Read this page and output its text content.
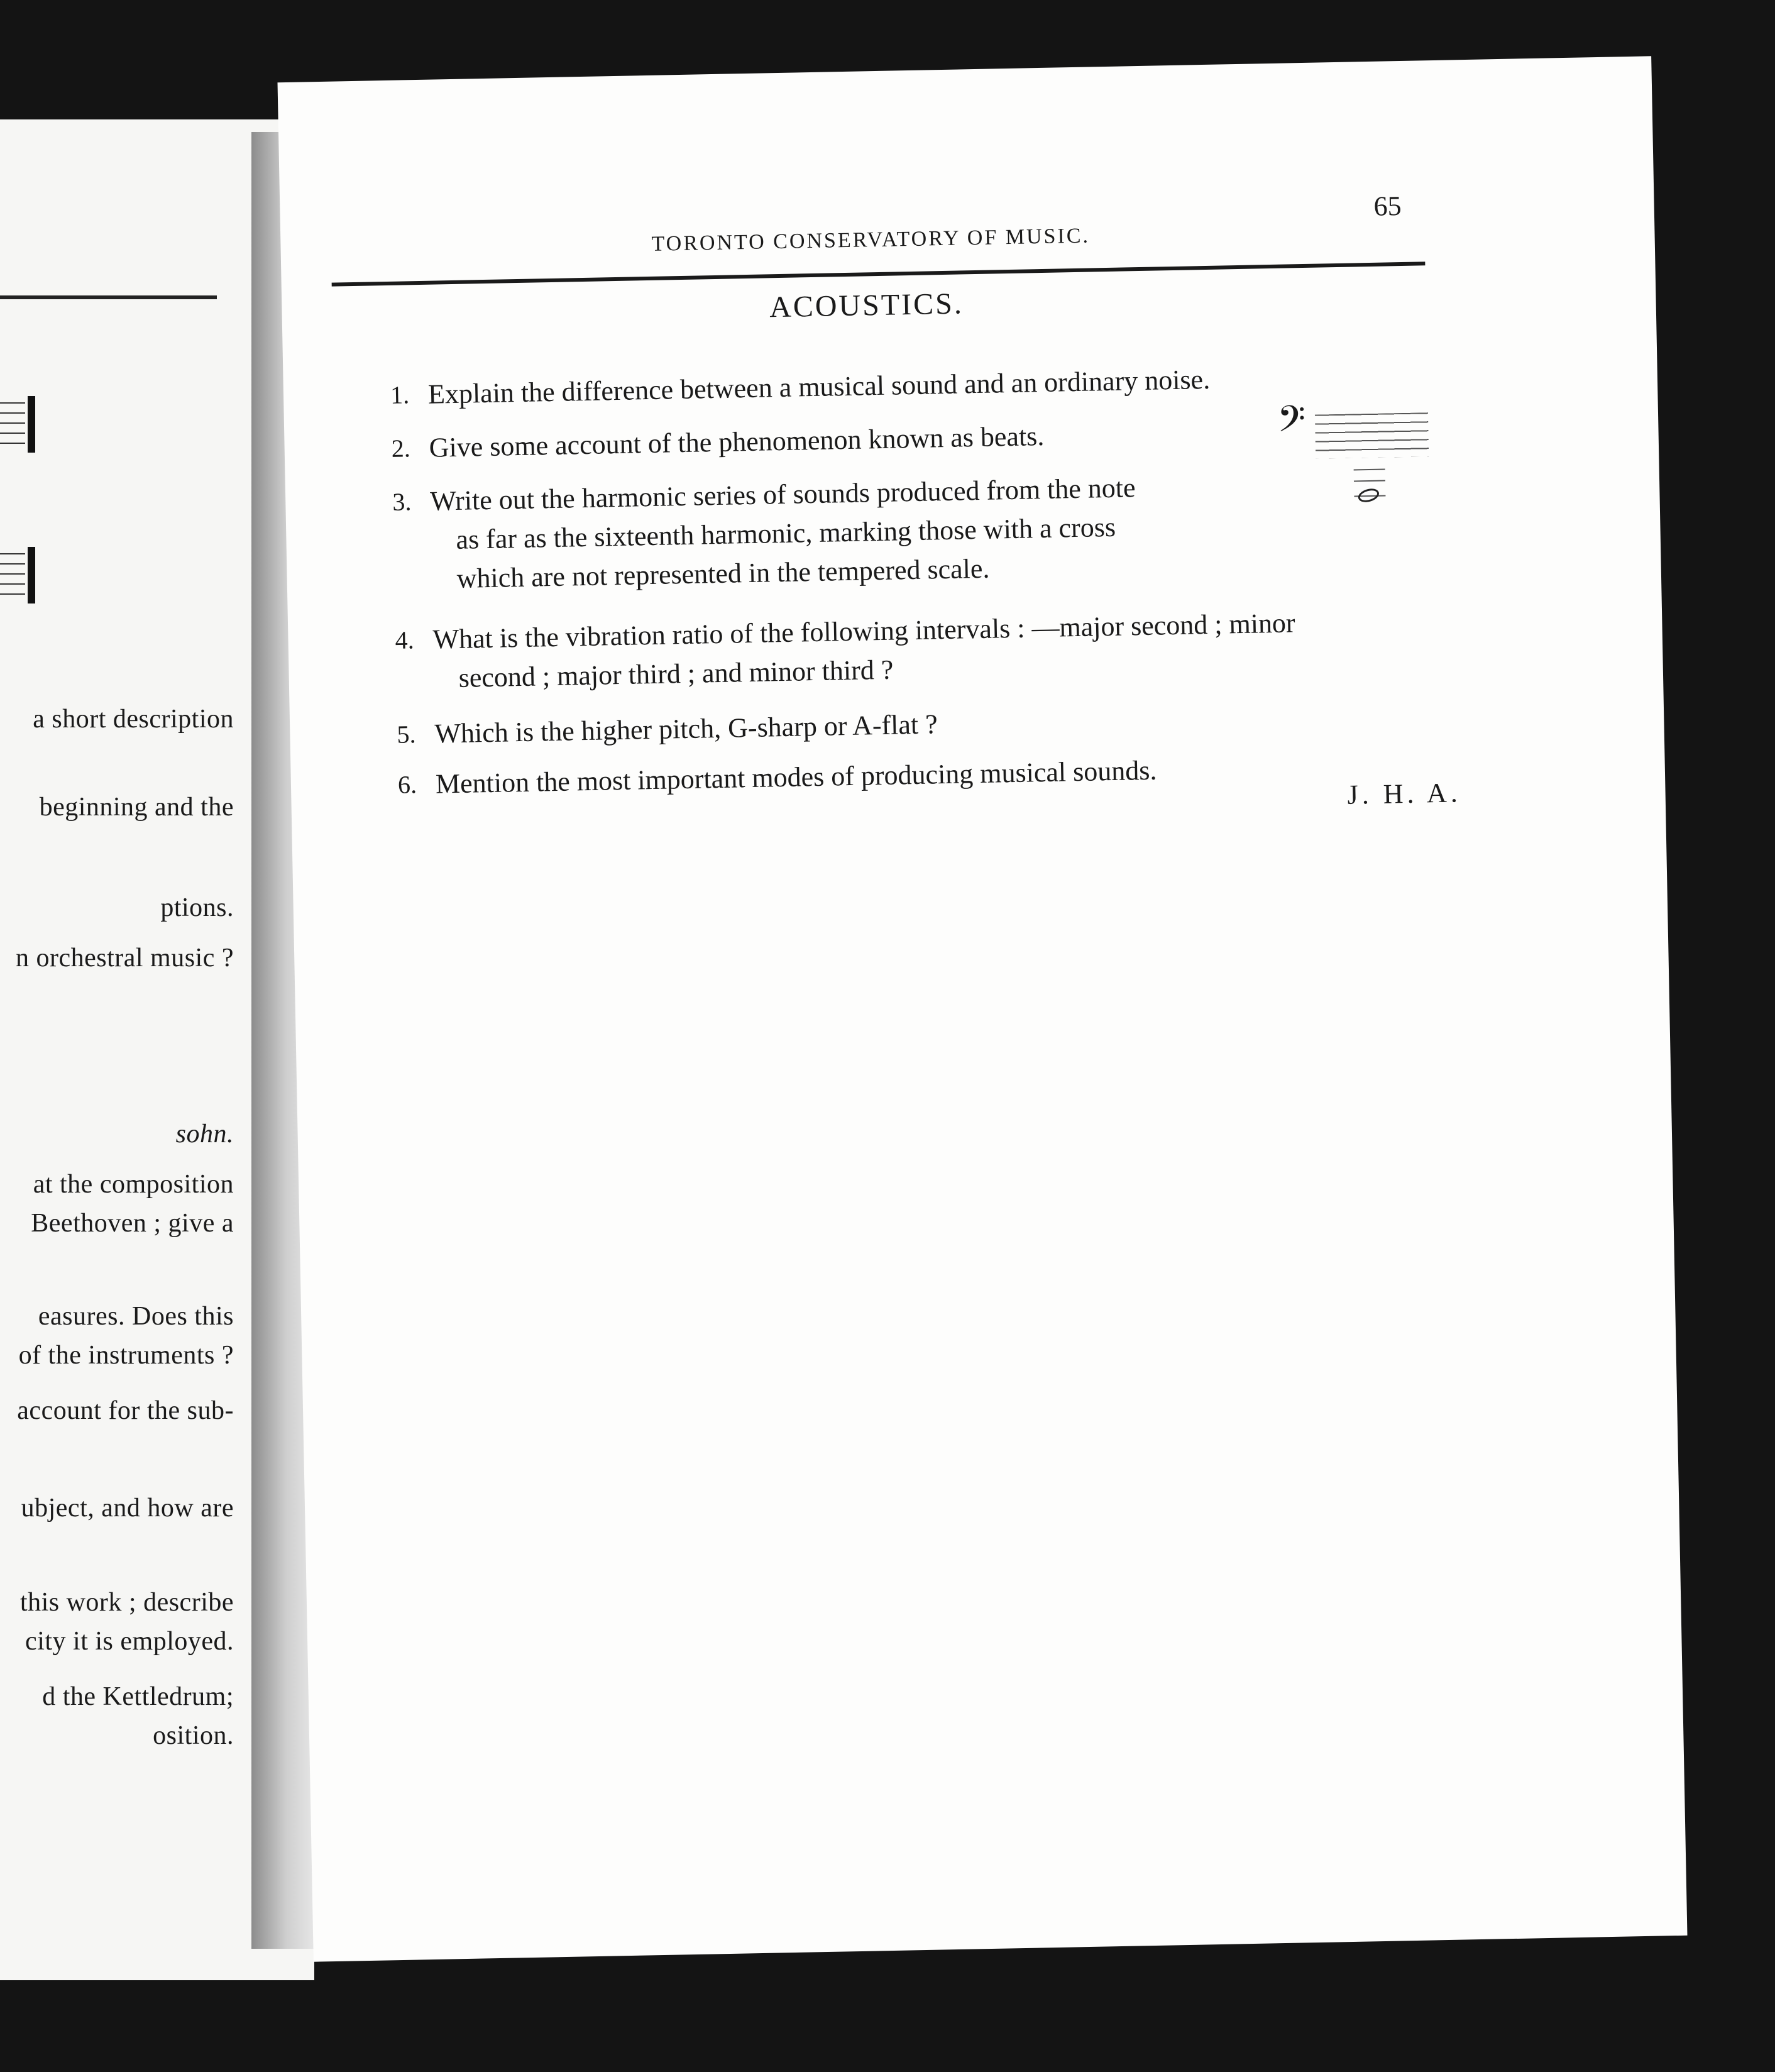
a short description
beginning and the
ptions.
n orchestral music ?
sohn.
at the composition
Beethoven ; give a
easures. Does this
of the instruments ?
account for the sub-
ubject, and how are
this work ; describe
city it is employed.
d the Kettledrum;
osition.
TORONTO CONSERVATORY OF MUSIC.
65
ACOUSTICS.
1. Explain the difference between a musical sound and an ordinary noise.
2. Give some account of the phenomenon known as beats.
3. Write out the harmonic series of sounds produced from the note
as far as the sixteenth harmonic, marking those with a cross
which are not represented in the tempered scale.
𝄢
4. What is the vibration ratio of the following intervals : —major second ; minor
second ; major third ; and minor third ?
5. Which is the higher pitch, G-sharp or A-flat ?
6. Mention the most important modes of producing musical sounds.	J. H. A.
